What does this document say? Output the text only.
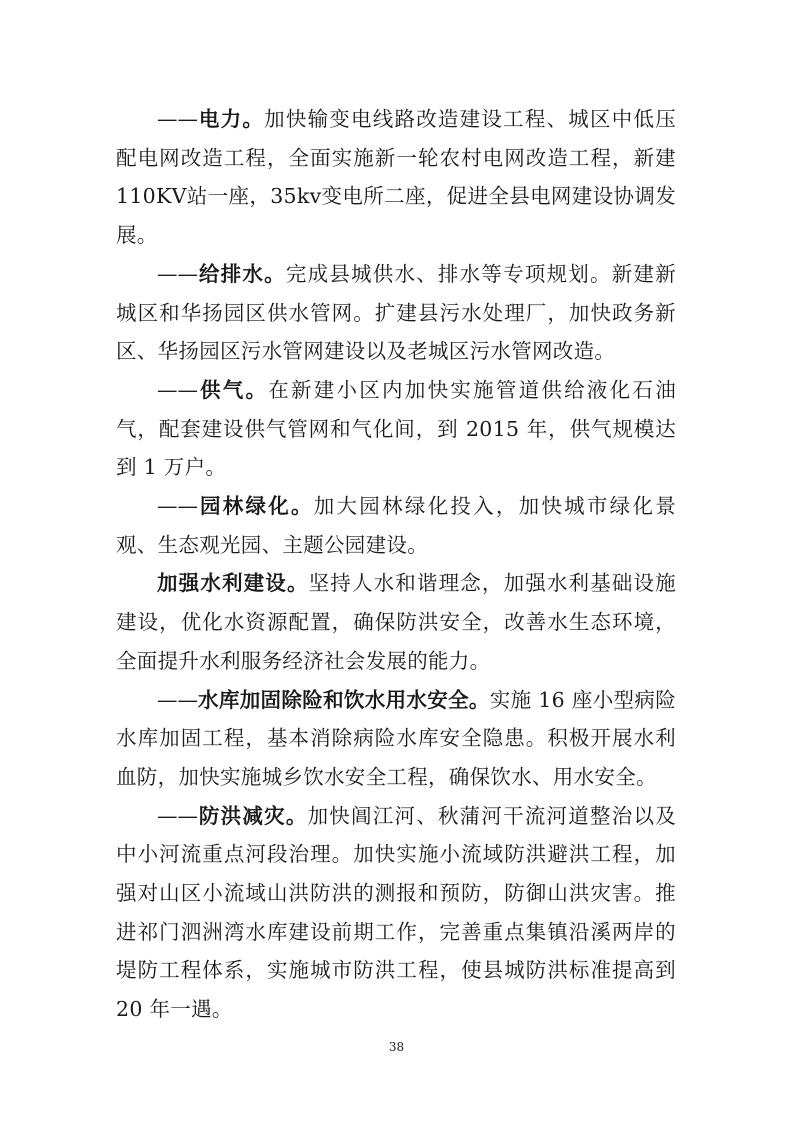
——电力。加快输变电线路改造建设工程、城区中低压配电网改造工程，全面实施新一轮农村电网改造工程，新建110KV站一座，35kv变电所二座，促进全县电网建设协调发展。

——给排水。完成县城供水、排水等专项规划。新建新城区和华扬园区供水管网。扩建县污水处理厂，加快政务新区、华扬园区污水管网建设以及老城区污水管网改造。

——供气。在新建小区内加快实施管道供给液化石油气，配套建设供气管网和气化间，到 2015 年，供气规模达到 1 万户。

——园林绿化。加大园林绿化投入，加快城市绿化景观、生态观光园、主题公园建设。

加强水利建设。坚持人水和谐理念，加强水利基础设施建设，优化水资源配置，确保防洪安全，改善水生态环境，全面提升水利服务经济社会发展的能力。

——水库加固除险和饮水用水安全。实施 16 座小型病险水库加固工程，基本消除病险水库安全隐患。积极开展水利血防，加快实施城乡饮水安全工程，确保饮水、用水安全。

——防洪减灾。加快阊江河、秋蒲河干流河道整治以及中小河流重点河段治理。加快实施小流域防洪避洪工程，加强对山区小流域山洪防洪的测报和预防，防御山洪灾害。推进祁门泗洲湾水库建设前期工作，完善重点集镇沿溪两岸的堤防工程体系，实施城市防洪工程，使县城防洪标准提高到 20 年一遇。

38
